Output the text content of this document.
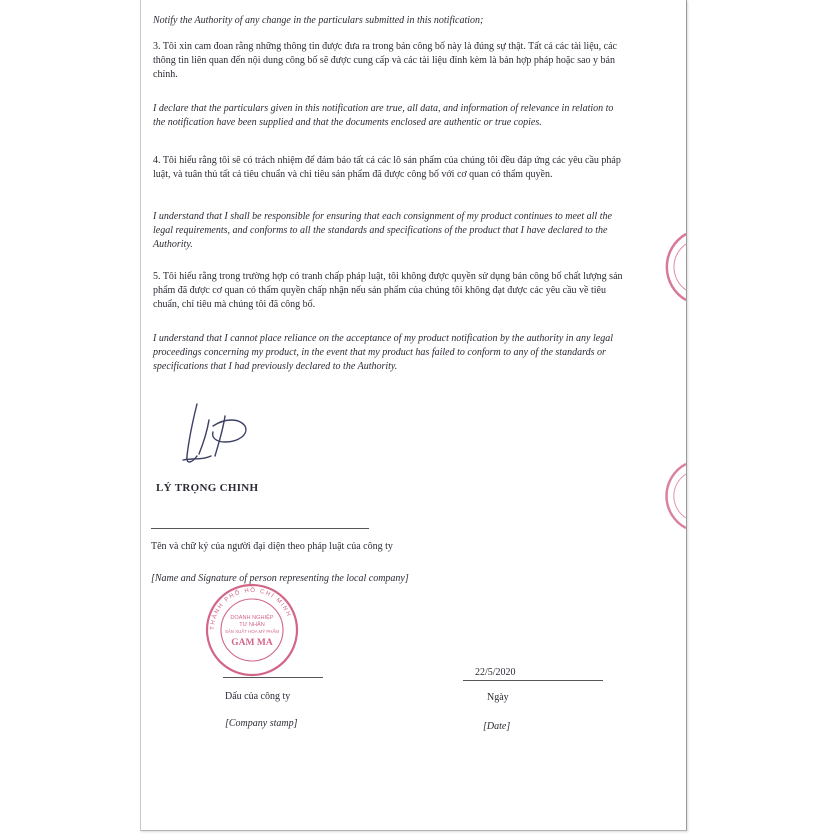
Notify the Authority of any change in the particulars submitted in this notification;

3. Tôi xin cam đoan rằng những thông tin được đưa ra trong bản công bố này là đúng sự thật. Tất cả các tài liệu, các thông tin liên quan đến nội dung công bố sẽ được cung cấp và các tài liệu đính kèm là bản hợp pháp hoặc sao y bản chính.

I declare that the particulars given in this notification are true, all data, and information of relevance in relation to the notification have been supplied and that the documents enclosed are authentic or true copies.

4. Tôi hiểu rằng tôi sẽ có trách nhiệm để đảm bảo tất cả các lô sản phẩm của chúng tôi đều đáp ứng các yêu cầu pháp luật, và tuân thủ tất cả tiêu chuẩn và chỉ tiêu sản phẩm đã được công bố với cơ quan có thẩm quyền.

I understand that I shall be responsible for ensuring that each consignment of my product continues to meet all the legal requirements, and conforms to all the standards and specifications of the product that I have declared to the Authority.

5. Tôi hiểu rằng trong trường hợp có tranh chấp pháp luật, tôi không được quyền sử dụng bản công bố chất lượng sản phẩm đã được cơ quan có thẩm quyền chấp nhận nếu sản phẩm của chúng tôi không đạt được các yêu cầu về tiêu chuẩn, chỉ tiêu mà chúng tôi đã công bố.

I understand that I cannot place reliance on the acceptance of my product notification by the authority in any legal proceedings concerning my product, in the event that my product has failed to conform to any of the standards or specifications that I had previously declared to the Authority.

LÝ TRỌNG CHINH
Tên và chữ ký của người đại diện theo pháp luật của công ty
[Name and Signature of person representing the local company]
THÀNH PHỐ HỒ CHÍ MINH
DOANH NGHIỆP
TƯ NHÂN
SẢN XUẤT HÓA MỸ PHẨM
GAM MA
Dấu của công ty
[Company stamp]
22/5/2020
Ngày
[Date]
